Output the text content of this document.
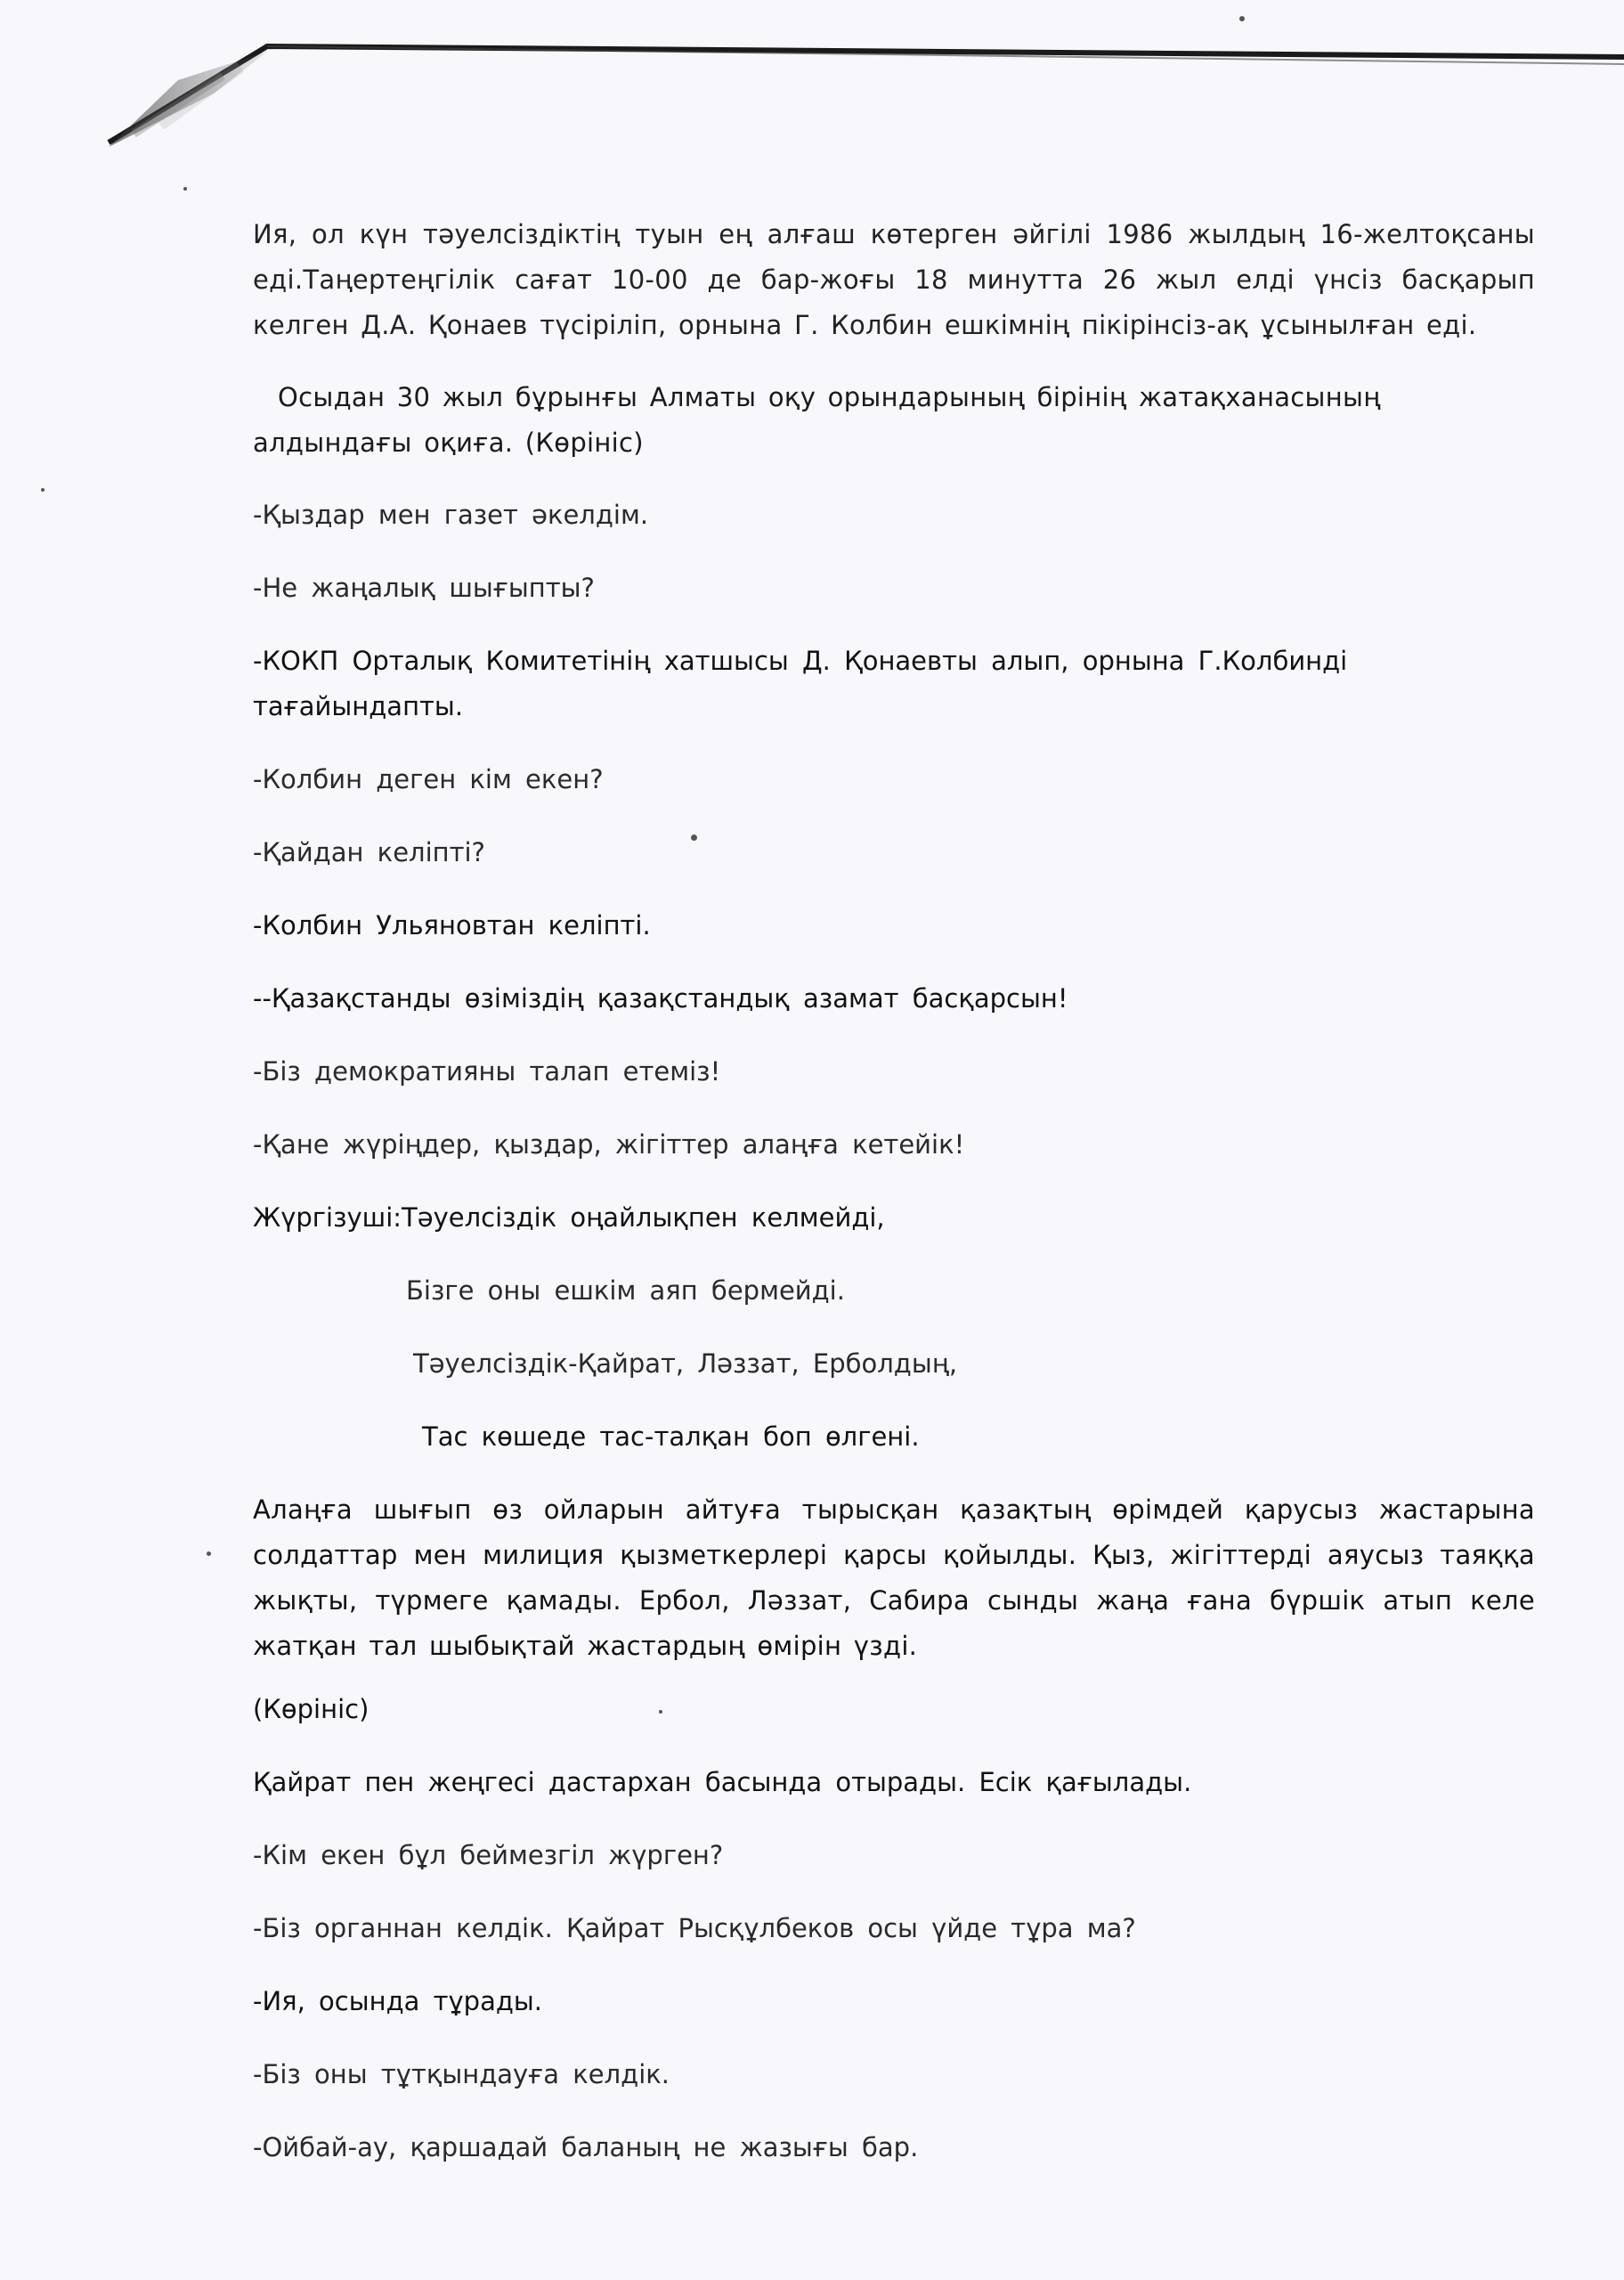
Ия, ол күн тәуелсіздіктің туын ең алғаш көтерген әйгілі 1986 жылдың 16-желтоқсаны еді.Таңертеңгілік сағат 10-00 де бар-жоғы 18 минутта 26 жыл елді үнсіз басқарып келген Д.А. Қонаев түсіріліп, орнына Г. Колбин ешкімнің пікірінсіз-ақ ұсынылған еді.

Осыдан 30 жыл бұрынғы Алматы оқу орындарының бірінің жатақханасының алдындағы оқиға. (Көрініс)

-Қыздар мен газет әкелдім.

-Не жаңалық шығыпты?

-КОКП Орталық Комитетінің хатшысы Д. Қонаевты алып, орнына Г.Колбинді тағайындапты.

-Колбин деген кім екен?

-Қайдан келіпті?

-Колбин Ульяновтан келіпті.

--Қазақстанды өзіміздің қазақстандық азамат басқарсын!

-Біз демократияны талап етеміз!

-Қане жүріңдер, қыздар, жігіттер алаңға кетейік!

Жүргізуші:Тәуелсіздік оңайлықпен келмейді,

Бізге оны ешкім аяп бермейді.

Тәуелсіздік-Қайрат, Ләззат, Ерболдың,

Тас көшеде тас-талқан боп өлгені.

Алаңға шығып өз ойларын айтуға тырысқан қазақтың өрімдей қарусыз жастарына солдаттар мен милиция қызметкерлері қарсы қойылды. Қыз, жігіттерді аяусыз таяққа жықты, түрмеге қамады. Ербол, Ләззат, Сабира сынды жаңа ғана бүршік атып келе жатқан тал шыбықтай жастардың өмірін үзді.

(Көрініс)

Қайрат пен жеңгесі дастархан басында отырады. Есік қағылады.

-Кім екен бұл беймезгіл жүрген?

-Біз органнан келдік. Қайрат Рысқұлбеков осы үйде тұра ма?

-Ия, осында тұрады.

-Біз оны тұтқындауға келдік.

-Ойбай-ау, қаршадай баланың не жазығы бар.
